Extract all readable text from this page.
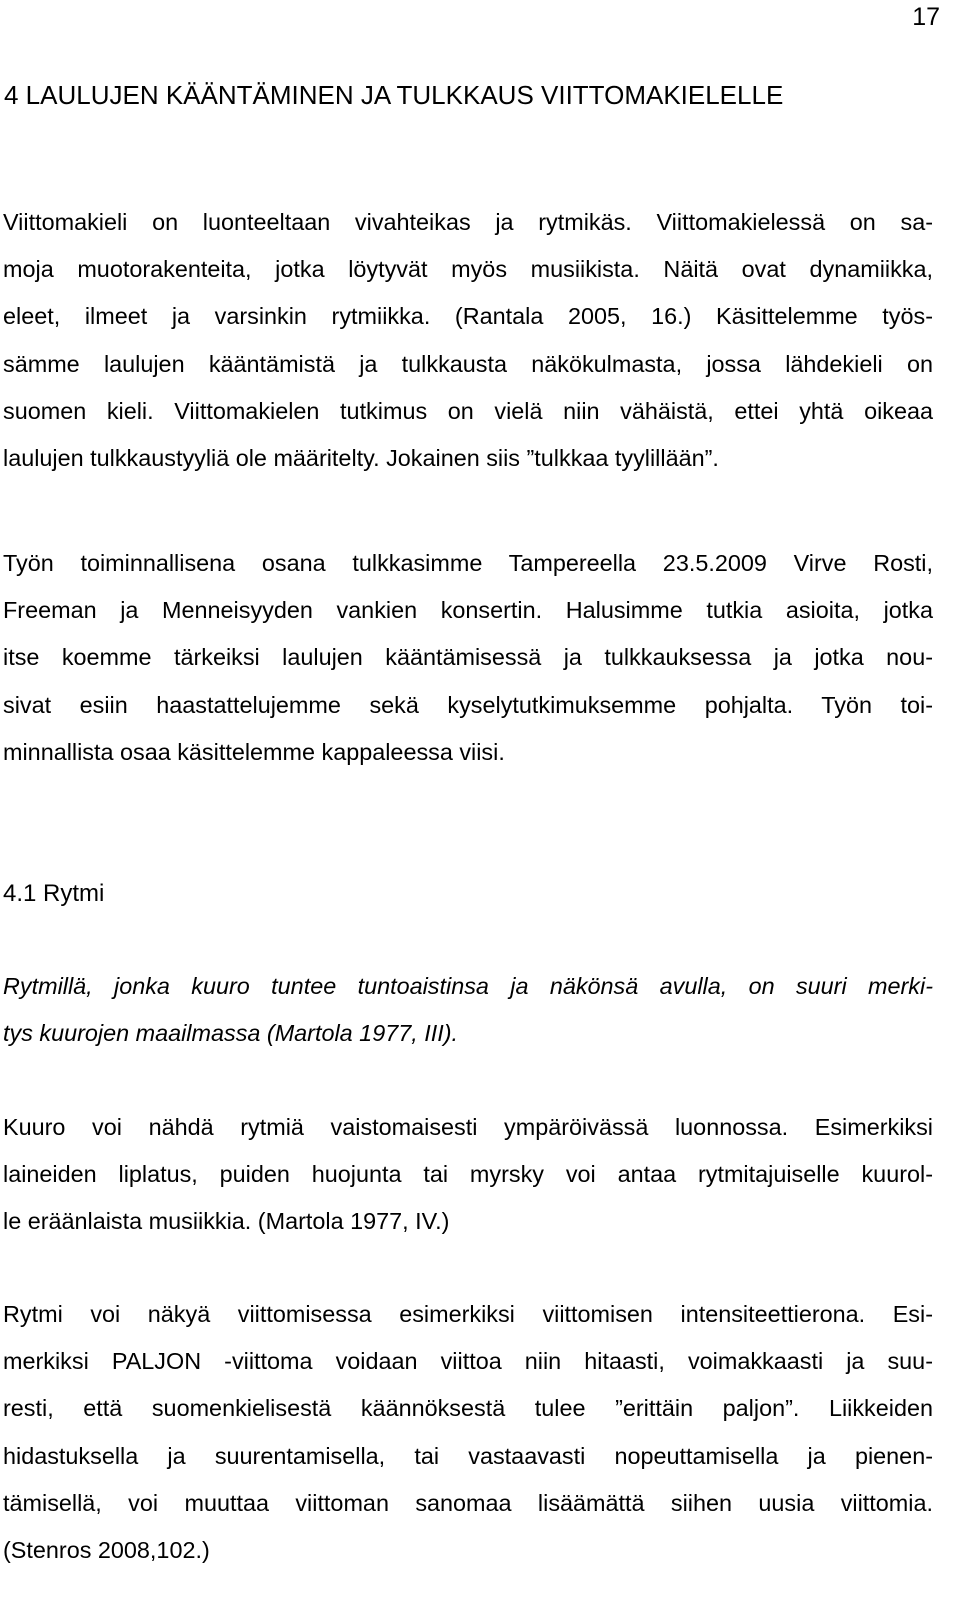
17
4 LAULUJEN KÄÄNTÄMINEN JA TULKKAUS VIITTOMAKIELELLE
Viittomakieli on luonteeltaan vivahteikas ja rytmikäs. Viittomakielessä on sa-
moja muotorakenteita, jotka löytyvät myös musiikista. Näitä ovat dynamiikka,
eleet, ilmeet ja varsinkin rytmiikka. (Rantala 2005, 16.) Käsittelemme työs-
sämme laulujen kääntämistä ja tulkkausta näkökulmasta, jossa lähdekieli on
suomen kieli. Viittomakielen tutkimus on vielä niin vähäistä, ettei yhtä oikeaa
laulujen tulkkaustyyliä ole määritelty. Jokainen siis ”tulkkaa tyylillään”.
Työn toiminnallisena osana tulkkasimme Tampereella 23.5.2009 Virve Rosti,
Freeman ja Menneisyyden vankien konsertin. Halusimme tutkia asioita, jotka
itse koemme tärkeiksi laulujen kääntämisessä ja tulkkauksessa ja jotka nou-
sivat esiin haastattelujemme sekä kyselytutkimuksemme pohjalta. Työn toi-
minnallista osaa käsittelemme kappaleessa viisi.
4.1 Rytmi
Rytmillä, jonka kuuro tuntee tuntoaistinsa ja näkönsä avulla, on suuri merki-
tys kuurojen maailmassa (Martola 1977, III).
Kuuro voi nähdä rytmiä vaistomaisesti ympäröivässä luonnossa. Esimerkiksi
laineiden liplatus, puiden huojunta tai myrsky voi antaa rytmitajuiselle kuurol-
le eräänlaista musiikkia. (Martola 1977, IV.)
Rytmi voi näkyä viittomisessa esimerkiksi viittomisen intensiteettierona. Esi-
merkiksi PALJON -viittoma voidaan viittoa niin hitaasti, voimakkaasti ja suu-
resti, että suomenkielisestä käännöksestä tulee ”erittäin paljon”. Liikkeiden
hidastuksella ja suurentamisella, tai vastaavasti nopeuttamisella ja pienen-
tämisellä, voi muuttaa viittoman sanomaa lisäämättä siihen uusia viittomia.
(Stenros 2008,102.)
